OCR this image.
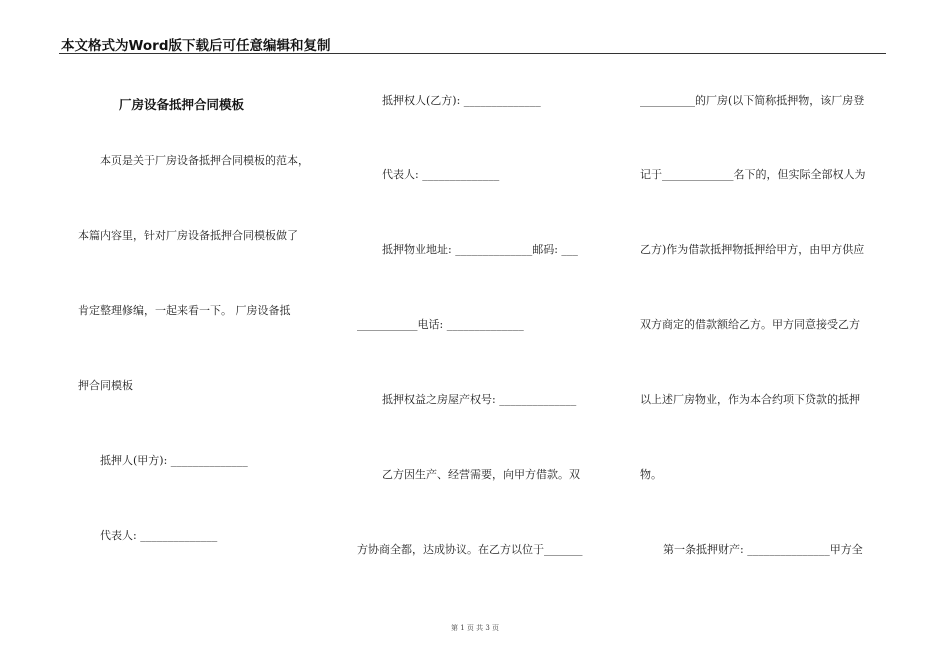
本文格式为Word版下载后可任意编辑和复制
厂房设备抵押合同模板
本页是关于厂房设备抵押合同模板的范本，
本篇内容里，针对厂房设备抵押合同模板做了
肯定整理修编，一起来看一下。 厂房设备抵
押合同模板
抵押人(甲方): ______________
代表人: ______________
抵押权人(乙方): ______________
代表人: ______________
抵押物业地址: ______________邮码: ___
___________电话: ______________
抵押权益之房屋产权号: ______________
乙方因生产、经营需要，向甲方借款。双
方协商全都，达成协议。在乙方以位于_______
__________的厂房(以下简称抵押物，该厂房登
记于_____________名下的，但实际全部权人为
乙方)作为借款抵押物抵押给甲方，由甲方供应
双方商定的借款额给乙方。甲方同意接受乙方
以上述厂房物业，作为本合约项下贷款的抵押
物。
第一条抵押财产: _______________甲方全
第 1 页 共 3 页
